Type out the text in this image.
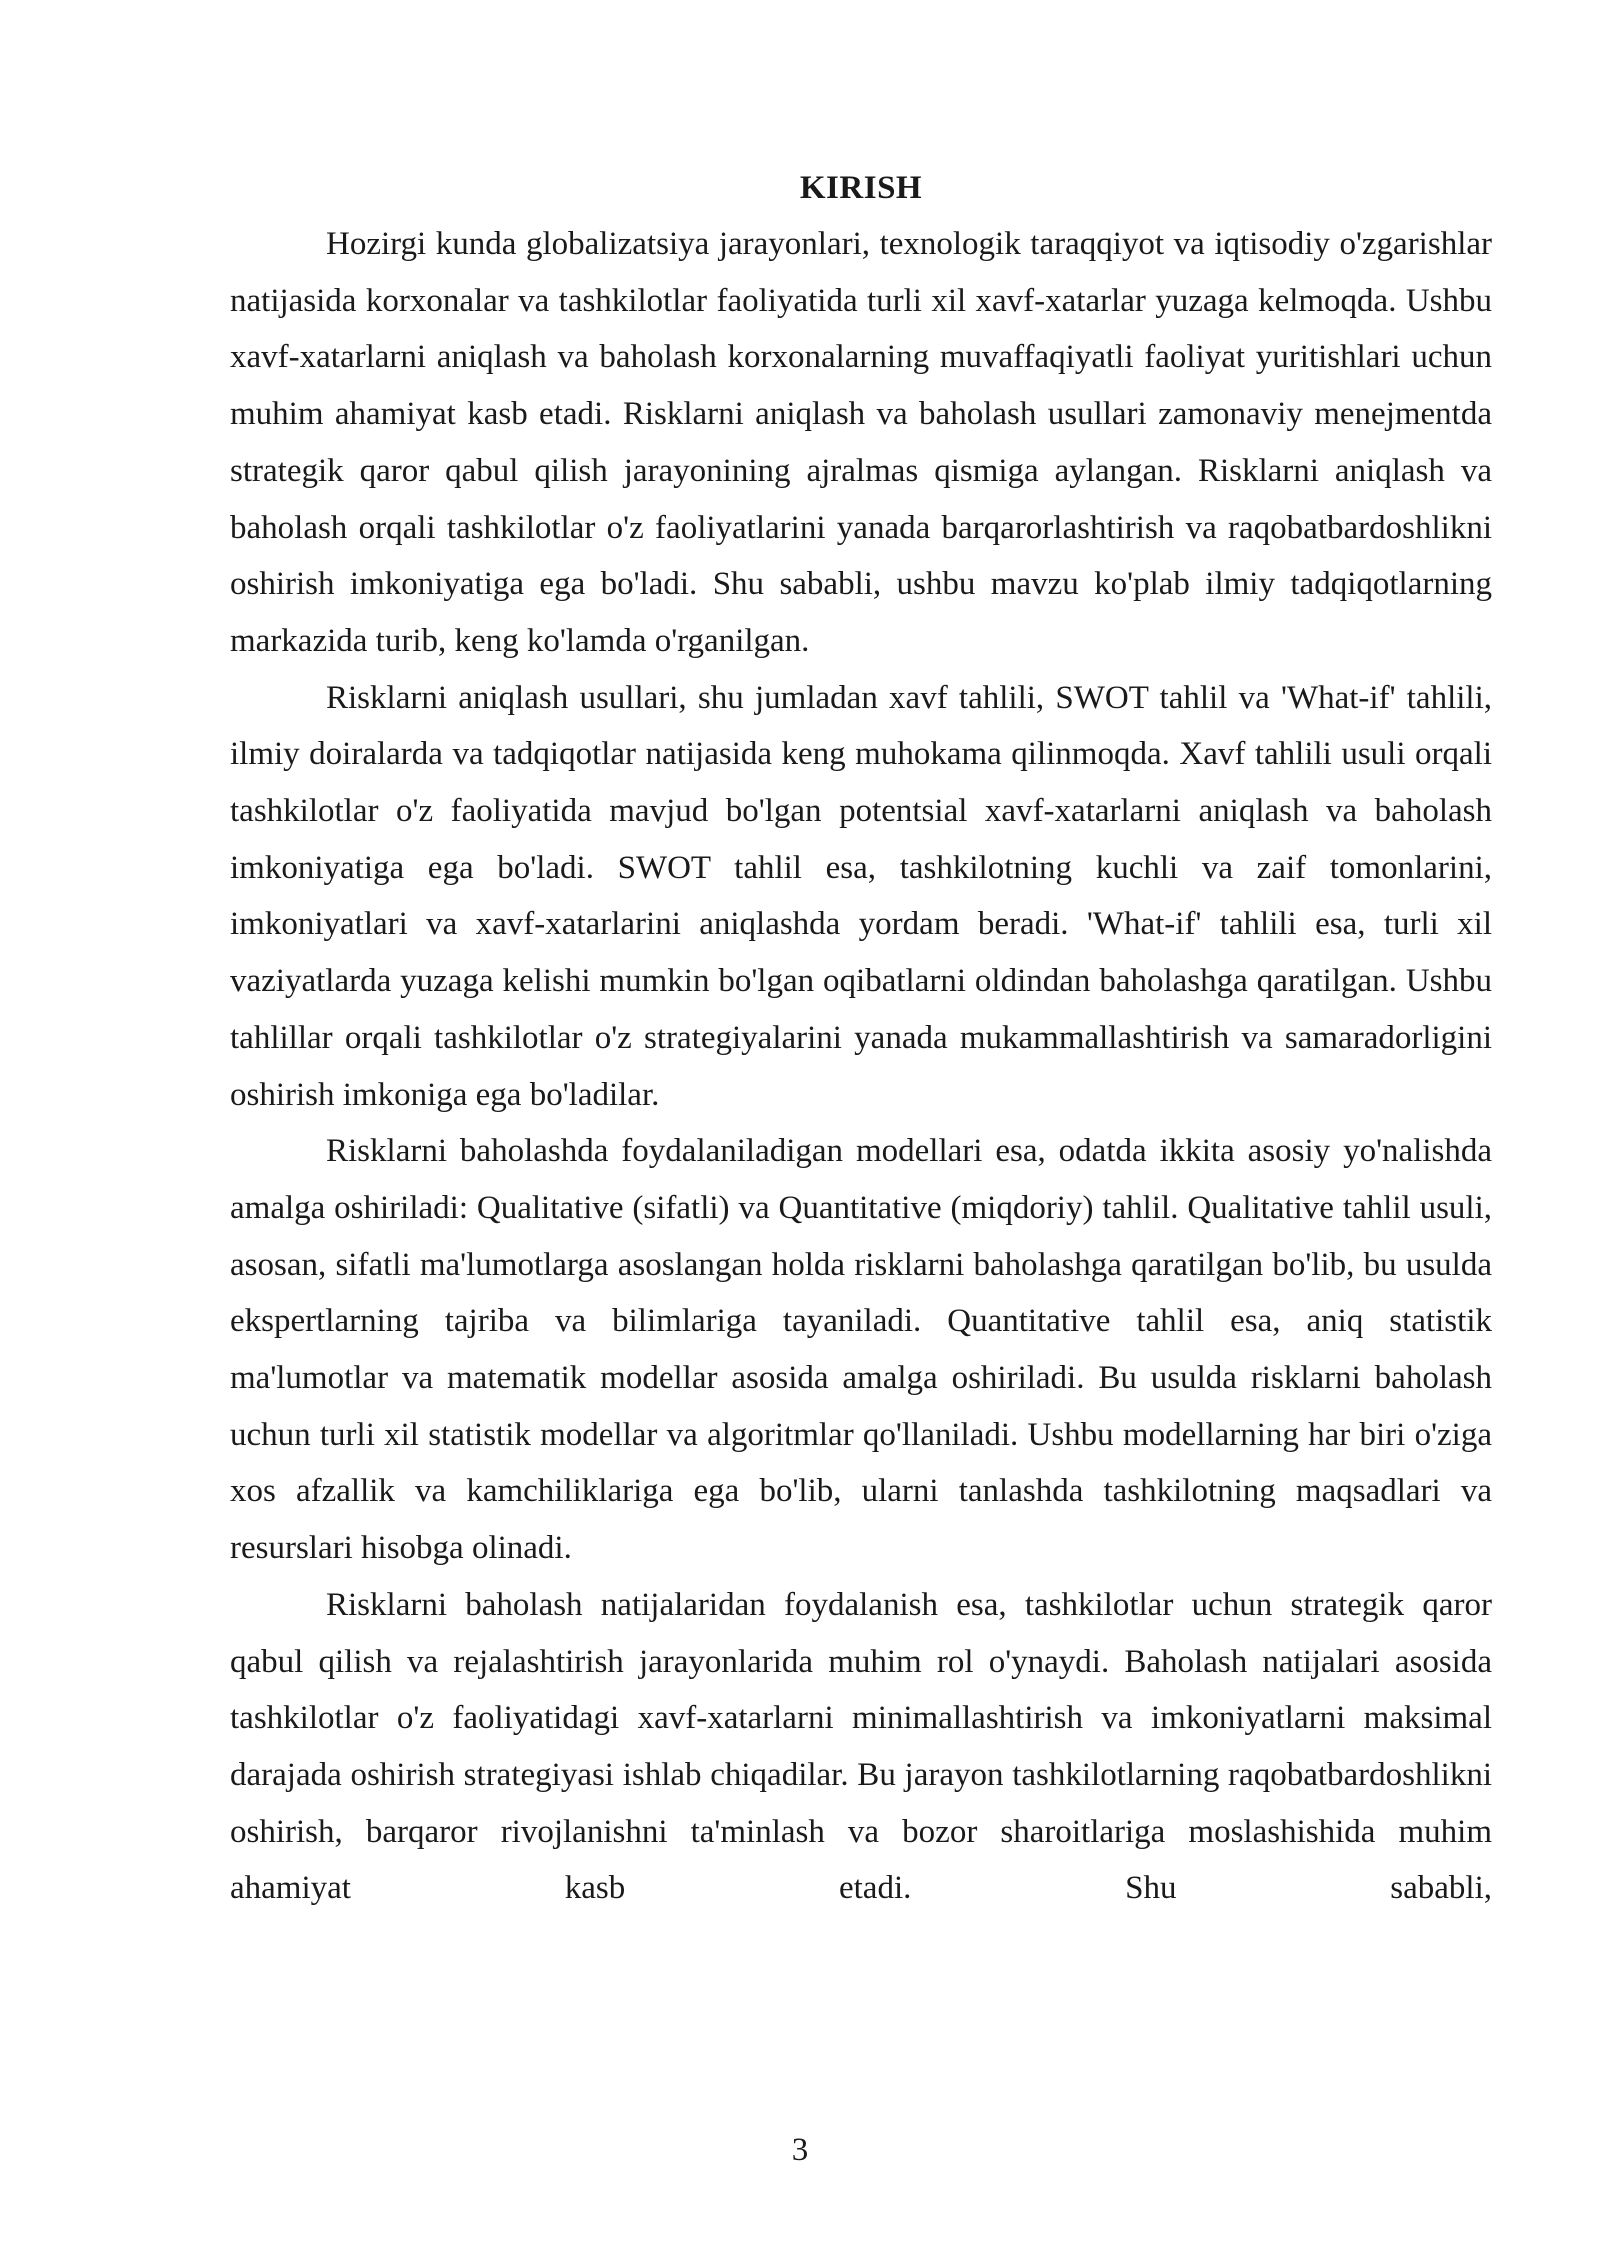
KIRISH

Hozirgi kunda globalizatsiya jarayonlari, texnologik taraqqiyot va iqtisodiy o'zgarishlar natijasida korxonalar va tashkilotlar faoliyatida turli xil xavf-xatarlar yuzaga kelmoqda. Ushbu xavf-xatarlarni aniqlash va baholash korxonalarning muvaffaqiyatli faoliyat yuritishlari uchun muhim ahamiyat kasb etadi. Risklarni aniqlash va baholash usullari zamonaviy menejmentda strategik qaror qabul qilish jarayonining ajralmas qismiga aylangan. Risklarni aniqlash va baholash orqali tashkilotlar o'z faoliyatlarini yanada barqarorlashtirish va raqobatbardoshlikni oshirish imkoniyatiga ega bo'ladi. Shu sababli, ushbu mavzu ko'plab ilmiy tadqiqotlarning markazida turib, keng ko'lamda o'rganilgan.

Risklarni aniqlash usullari, shu jumladan xavf tahlili, SWOT tahlil va 'What-if' tahlili, ilmiy doiralarda va tadqiqotlar natijasida keng muhokama qilinmoqda. Xavf tahlili usuli orqali tashkilotlar o'z faoliyatida mavjud bo'lgan potentsial xavf-xatarlarni aniqlash va baholash imkoniyatiga ega bo'ladi. SWOT tahlil esa, tashkilotning kuchli va zaif tomonlarini, imkoniyatlari va xavf-xatarlarini aniqlashda yordam beradi. 'What-if' tahlili esa, turli xil vaziyatlarda yuzaga kelishi mumkin bo'lgan oqibatlarni oldindan baholashga qaratilgan. Ushbu tahlillar orqali tashkilotlar o'z strategiyalarini yanada mukammallashtirish va samaradorligini oshirish imkoniga ega bo'ladilar.

Risklarni baholashda foydalaniladigan modellari esa, odatda ikkita asosiy yo'nalishda amalga oshiriladi: Qualitative (sifatli) va Quantitative (miqdoriy) tahlil. Qualitative tahlil usuli, asosan, sifatli ma'lumotlarga asoslangan holda risklarni baholashga qaratilgan bo'lib, bu usulda ekspertlarning tajriba va bilimlariga tayaniladi. Quantitative tahlil esa, aniq statistik ma'lumotlar va matematik modellar asosida amalga oshiriladi. Bu usulda risklarni baholash uchun turli xil statistik modellar va algoritmlar qo'llaniladi. Ushbu modellarning har biri o'ziga xos afzallik va kamchiliklariga ega bo'lib, ularni tanlashda tashkilotning maqsadlari va resurslari hisobga olinadi.

Risklarni baholash natijalaridan foydalanish esa, tashkilotlar uchun strategik qaror qabul qilish va rejalashtirish jarayonlarida muhim rol o'ynaydi. Baholash natijalari asosida tashkilotlar o'z faoliyatidagi xavf-xatarlarni minimallashtirish va imkoniyatlarni maksimal darajada oshirish strategiyasi ishlab chiqadilar. Bu jarayon tashkilotlarning raqobatbardoshlikni oshirish, barqaror rivojlanishni ta'minlash va bozor sharoitlariga moslashishida muhim ahamiyat kasb etadi. Shu sababli,

3
